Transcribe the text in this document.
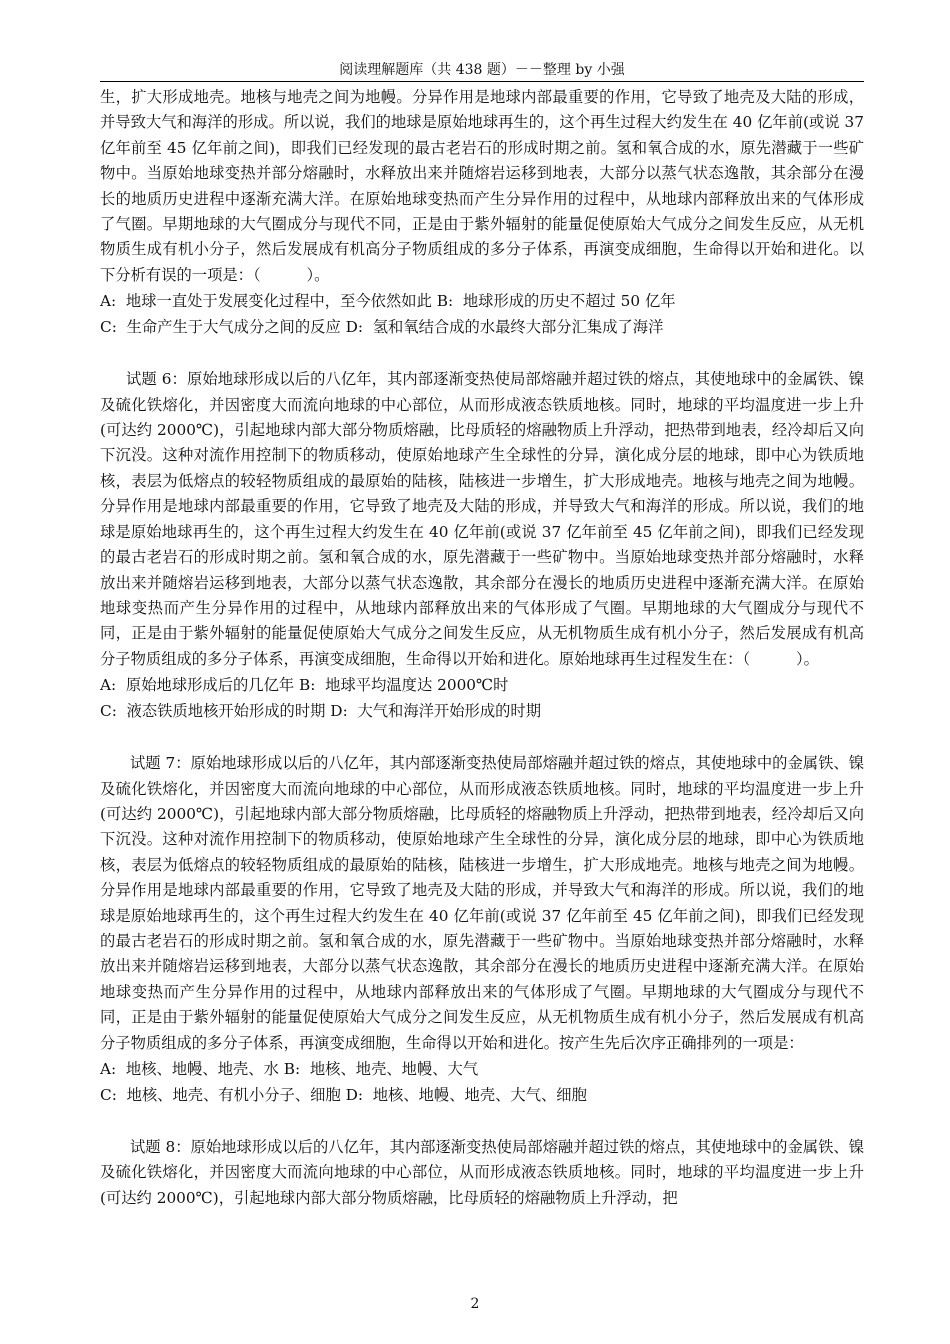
阅读理解题库（共 438 题）－－整理 by 小强

生，扩大形成地壳。地核与地壳之间为地幔。分异作用是地球内部最重要的作用，它导致了地壳及大陆的形成，并导致大气和海洋的形成。所以说，我们的地球是原始地球再生的，这个再生过程大约发生在 40 亿年前(或说 37 亿年前至 45 亿年前之间)，即我们已经发现的最古老岩石的形成时期之前。氢和氧合成的水，原先潜藏于一些矿物中。当原始地球变热并部分熔融时，水释放出来并随熔岩运移到地表，大部分以蒸气状态逸散，其余部分在漫长的地质历史进程中逐渐充满大洋。在原始地球变热而产生分异作用的过程中，从地球内部释放出来的气体形成了气圈。早期地球的大气圈成分与现代不同，正是由于紫外辐射的能量促使原始大气成分之间发生反应，从无机物质生成有机小分子，然后发展成有机高分子物质组成的多分子体系，再演变成细胞，生命得以开始和进化。以下分析有误的一项是：（　　　）。

A:  地球一直处于发展变化过程中，至今依然如此 B:  地球形成的历史不超过 50 亿年

C:  生命产生于大气成分之间的反应 D:  氢和氧结合成的水最终大部分汇集成了海洋

试题 6：原始地球形成以后的八亿年，其内部逐渐变热使局部熔融并超过铁的熔点，其使地球中的金属铁、镍及硫化铁熔化，并因密度大而流向地球的中心部位，从而形成液态铁质地核。同时，地球的平均温度进一步上升(可达约 2000℃)，引起地球内部大部分物质熔融，比母质轻的熔融物质上升浮动，把热带到地表，经冷却后又向下沉没。这种对流作用控制下的物质移动，使原始地球产生全球性的分异，演化成分层的地球，即中心为铁质地核，表层为低熔点的较轻物质组成的最原始的陆核，陆核进一步增生，扩大形成地壳。地核与地壳之间为地幔。分异作用是地球内部最重要的作用，它导致了地壳及大陆的形成，并导致大气和海洋的形成。所以说，我们的地球是原始地球再生的，这个再生过程大约发生在 40 亿年前(或说 37 亿年前至 45 亿年前之间)，即我们已经发现的最古老岩石的形成时期之前。氢和氧合成的水，原先潜藏于一些矿物中。当原始地球变热并部分熔融时，水释放出来并随熔岩运移到地表，大部分以蒸气状态逸散，其余部分在漫长的地质历史进程中逐渐充满大洋。在原始地球变热而产生分异作用的过程中，从地球内部释放出来的气体形成了气圈。早期地球的大气圈成分与现代不同，正是由于紫外辐射的能量促使原始大气成分之间发生反应，从无机物质生成有机小分子，然后发展成有机高分子物质组成的多分子体系，再演变成细胞，生命得以开始和进化。原始地球再生过程发生在：（　　　）。

A:  原始地球形成后的几亿年 B:  地球平均温度达 2000℃时

C:  液态铁质地核开始形成的时期 D:  大气和海洋开始形成的时期

试题 7：原始地球形成以后的八亿年，其内部逐渐变热使局部熔融并超过铁的熔点，其使地球中的金属铁、镍及硫化铁熔化，并因密度大而流向地球的中心部位，从而形成液态铁质地核。同时，地球的平均温度进一步上升(可达约 2000℃)，引起地球内部大部分物质熔融，比母质轻的熔融物质上升浮动，把热带到地表，经冷却后又向下沉没。这种对流作用控制下的物质移动，使原始地球产生全球性的分异，演化成分层的地球，即中心为铁质地核，表层为低熔点的较轻物质组成的最原始的陆核，陆核进一步增生，扩大形成地壳。地核与地壳之间为地幔。分异作用是地球内部最重要的作用，它导致了地壳及大陆的形成，并导致大气和海洋的形成。所以说，我们的地球是原始地球再生的，这个再生过程大约发生在 40 亿年前(或说 37 亿年前至 45 亿年前之间)，即我们已经发现的最古老岩石的形成时期之前。氢和氧合成的水，原先潜藏于一些矿物中。当原始地球变热并部分熔融时，水释放出来并随熔岩运移到地表，大部分以蒸气状态逸散，其余部分在漫长的地质历史进程中逐渐充满大洋。在原始地球变热而产生分异作用的过程中，从地球内部释放出来的气体形成了气圈。早期地球的大气圈成分与现代不同，正是由于紫外辐射的能量促使原始大气成分之间发生反应，从无机物质生成有机小分子，然后发展成有机高分子物质组成的多分子体系，再演变成细胞，生命得以开始和进化。按产生先后次序正确排列的一项是：

A:  地核、地幔、地壳、水 B:  地核、地壳、地幔、大气

C:  地核、地壳、有机小分子、细胞 D:  地核、地幔、地壳、大气、细胞

试题 8：原始地球形成以后的八亿年，其内部逐渐变热使局部熔融并超过铁的熔点，其使地球中的金属铁、镍及硫化铁熔化，并因密度大而流向地球的中心部位，从而形成液态铁质地核。同时，地球的平均温度进一步上升(可达约 2000℃)，引起地球内部大部分物质熔融，比母质轻的熔融物质上升浮动，把

2
